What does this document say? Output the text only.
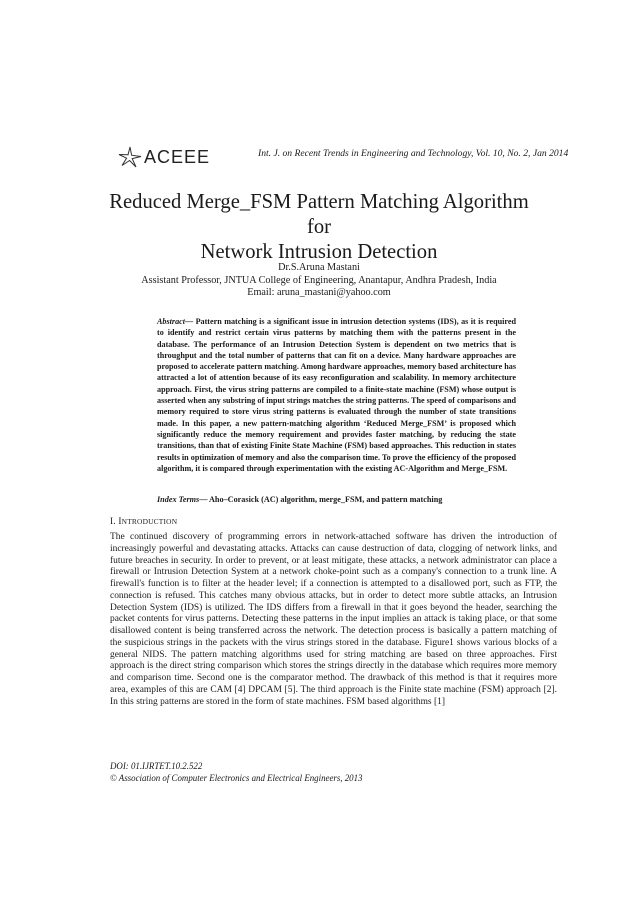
ACEEE	Int. J. on Recent Trends in Engineering and Technology, Vol. 10, No. 2, Jan 2014
Reduced Merge_FSM Pattern Matching Algorithm for
Network Intrusion Detection
Dr.S.Aruna Mastani
Assistant Professor, JNTUA College of Engineering, Anantapur, Andhra Pradesh, India
Email: aruna_mastani@yahoo.com
Abstract— Pattern matching is a significant issue in intrusion detection systems (IDS), as it is required to identify and restrict certain virus patterns by matching them with the patterns present in the database. The performance of an Intrusion Detection System is dependent on two metrics that is throughput and the total number of patterns that can fit on a device. Many hardware approaches are proposed to accelerate pattern matching. Among hardware approaches, memory based architecture has attracted a lot of attention because of its easy reconfiguration and scalability. In memory architecture approach. First, the virus string patterns are compiled to a finite-state machine (FSM) whose output is asserted when any substring of input strings matches the string patterns. The speed of comparisons and memory required to store virus string patterns is evaluated through the number of state transitions made. In this paper, a new pattern-matching algorithm ‘Reduced Merge_FSM’ is proposed which significantly reduce the memory requirement and provides faster matching, by reducing the state transitions, than that of existing Finite State Machine (FSM) based approaches. This reduction in states results in optimization of memory and also the comparison time. To prove the efficiency of the proposed algorithm, it is compared through experimentation with the existing AC-Algorithm and Merge_FSM.
Index Terms— Aho–Corasick (AC) algorithm, merge_FSM, and pattern matching
I. INTRODUCTION
The continued discovery of programming errors in network-attached software has driven the introduction of increasingly powerful and devastating attacks. Attacks can cause destruction of data, clogging of network links, and future breaches in security. In order to prevent, or at least mitigate, these attacks, a network administrator can place a firewall or Intrusion Detection System at a network choke-point such as a company's connection to a trunk line. A firewall's function is to filter at the header level; if a connection is attempted to a disallowed port, such as FTP, the connection is refused. This catches many obvious attacks, but in order to detect more subtle attacks, an Intrusion Detection System (IDS) is utilized. The IDS differs from a firewall in that it goes beyond the header, searching the packet contents for virus patterns. Detecting these patterns in the input implies an attack is taking place, or that some disallowed content is being transferred across the network. The detection process is basically a pattern matching of the suspicious strings in the packets with the virus strings stored in the database. Figure1 shows various blocks of a general NIDS. The pattern matching algorithms used for string matching are based on three approaches. First approach is the direct string comparison which stores the strings directly in the database which requires more memory and comparison time. Second one is the comparator method. The drawback of this method is that it requires more area, examples of this are CAM [4] DPCAM [5]. The third approach is the Finite state machine (FSM) approach [2]. In this string patterns are stored in the form of state machines. FSM based algorithms [1]
DOI: 01.IJRTET.10.2.522
© Association of Computer Electronics and Electrical Engineers, 2013
